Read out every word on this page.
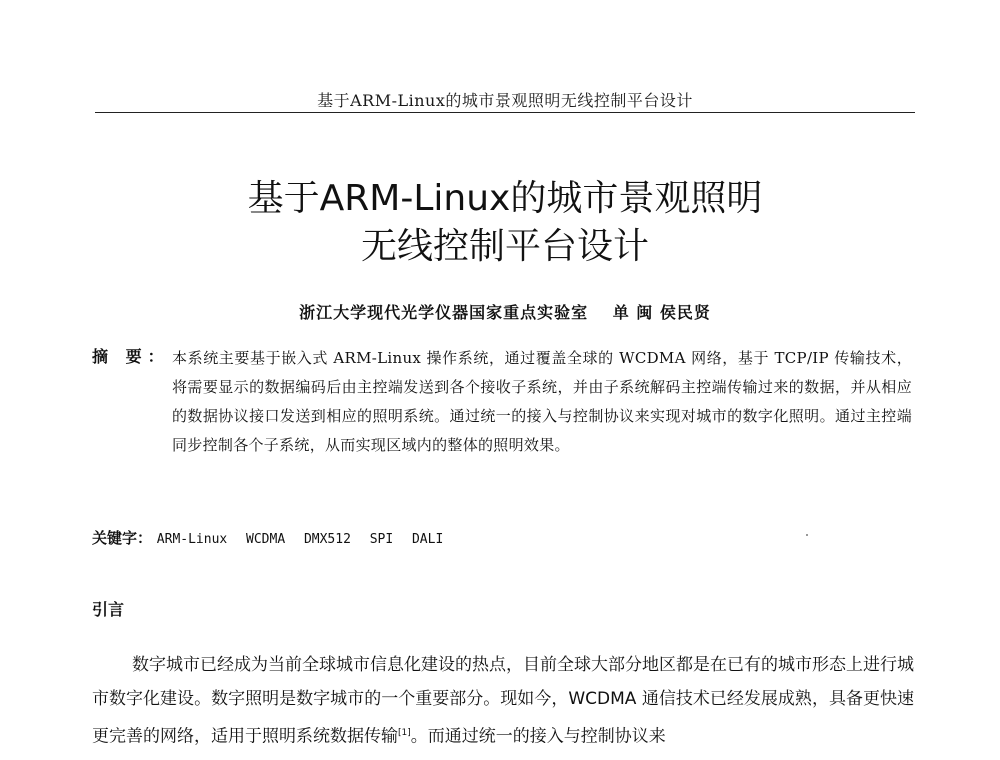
基于ARM-Linux的城市景观照明无线控制平台设计
基于ARM-Linux的城市景观照明
无线控制平台设计
浙江大学现代光学仪器国家重点实验室 单 闽 侯民贤
摘 要： 本系统主要基于嵌入式 ARM-Linux 操作系统，通过覆盖全球的 WCDMA 网络，基于 TCP/IP 传输技术，将需要显示的数据编码后由主控端发送到各个接收子系统，并由子系统解码主控端传输过来的数据，并从相应的数据协议接口发送到相应的照明系统。通过统一的接入与控制协议来实现对城市的数字化照明。通过主控端同步控制各个子系统，从而实现区域内的整体的照明效果。
关键字： ARM-Linux WCDMA DMX512 SPI DALI
引言

数字城市已经成为当前全球城市信息化建设的热点，目前全球大部分地区都是在已有的城市形态上进行城市数字化建设。数字照明是数字城市的一个重要部分。现如今，WCDMA 通信技术已经发展成熟，具备更快速更完善的网络，适用于照明系统数据传输[1]。而通过统一的接入与控制协议来
